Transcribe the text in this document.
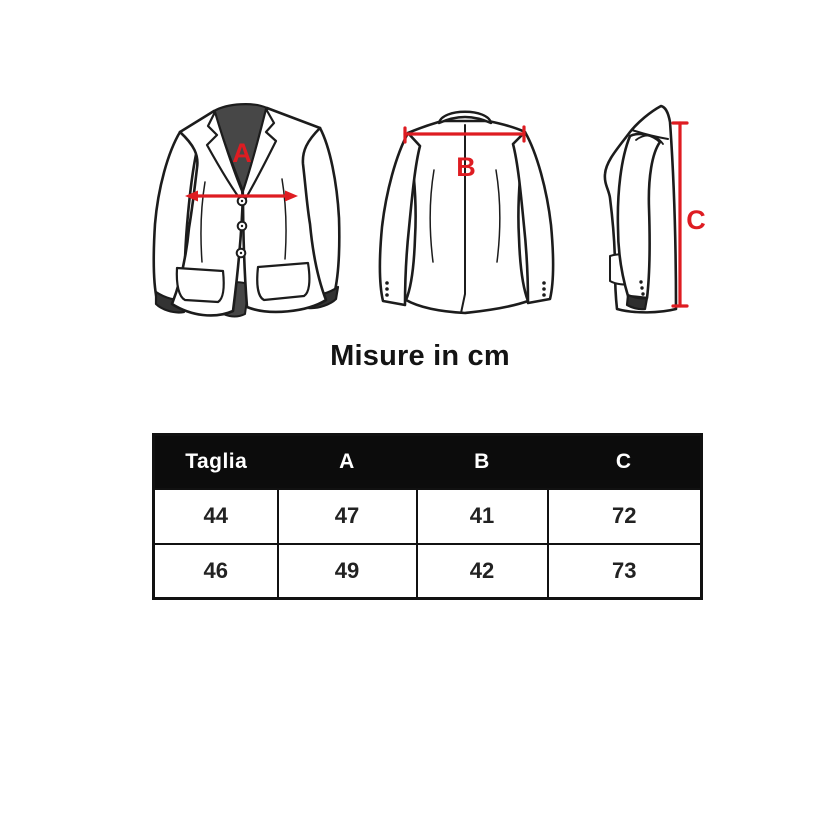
A	B
C
Misure in cm
Taglia	A	B	C
44	47	41	72
46	49	42	73
